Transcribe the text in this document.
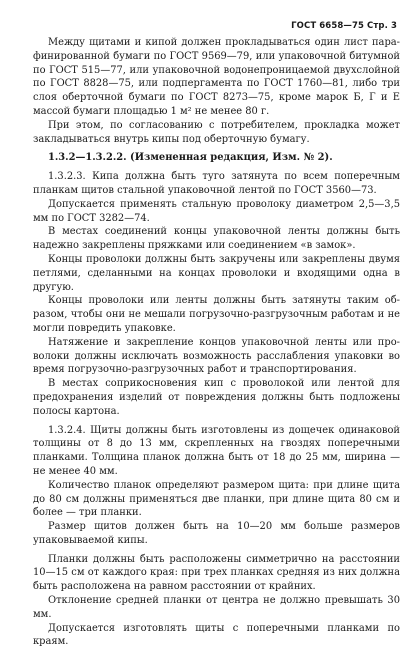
ГОСТ 6658—75 Стр. 3

Между щитами и кипой должен прокладываться один лист парафинированной бумаги по ГОСТ 9569—79, или упаковочной битумной по ГОСТ 515—77, или упаковочной водонепроницаемой двухслойной по ГОСТ 8828—75, или подпергамента по ГОСТ 1760—81, либо три слоя оберточной бумаги по ГОСТ 8273—75, кроме марок Б, Г и Е массой бумаги площадью 1 м² не менее 80 г.

При этом, по согласованию с потребителем, прокладка может закладываться внутрь кипы под оберточную бумагу.

1.3.2—1.3.2.2. (Измененная редакция, Изм. № 2).

1.3.2.3. Кипа должна быть туго затянута по всем поперечным планкам щитов стальной упаковочной лентой по ГОСТ 3560—73.

Допускается применять стальную проволоку диаметром 2,5—3,5 мм по ГОСТ 3282—74.

В местах соединений концы упаковочной ленты должны быть надежно закреплены пряжками или соединением «в замок».

Концы проволоки должны быть закручены или закреплены двумя петлями, сделанными на концах проволоки и входящими одна в другую.

Концы проволоки или ленты должны быть затянуты таким образом, чтобы они не мешали погрузочно-разгрузочным работам и не могли повредить упаковке.

Натяжение и закрепление концов упаковочной ленты или проволоки должны исключать возможность расслабления упаковки во время погрузочно-разгрузочных работ и транспортирования.

В местах соприкосновения кип с проволокой или лентой для предохранения изделий от повреждения должны быть подложены полосы картона.

1.3.2.4. Щиты должны быть изготовлены из дощечек одинаковой толщины от 8 до 13 мм, скрепленных на гвоздях поперечными планками. Толщина планок должна быть от 18 до 25 мм, ширина — не менее 40 мм.

Количество планок определяют размером щита: при длине щита до 80 см должны применяться две планки, при длине щита 80 см и более — три планки.

Размер щитов должен быть на 10—20 мм больше размеров упаковываемой кипы.

Планки должны быть расположены симметрично на расстоянии 10—15 см от каждого края: при трех планках средняя из них должна быть расположена на равном расстоянии от крайних.

Отклонение средней планки от центра не должно превышать 30 мм.

Допускается изготовлять щиты с поперечными планками по краям.
